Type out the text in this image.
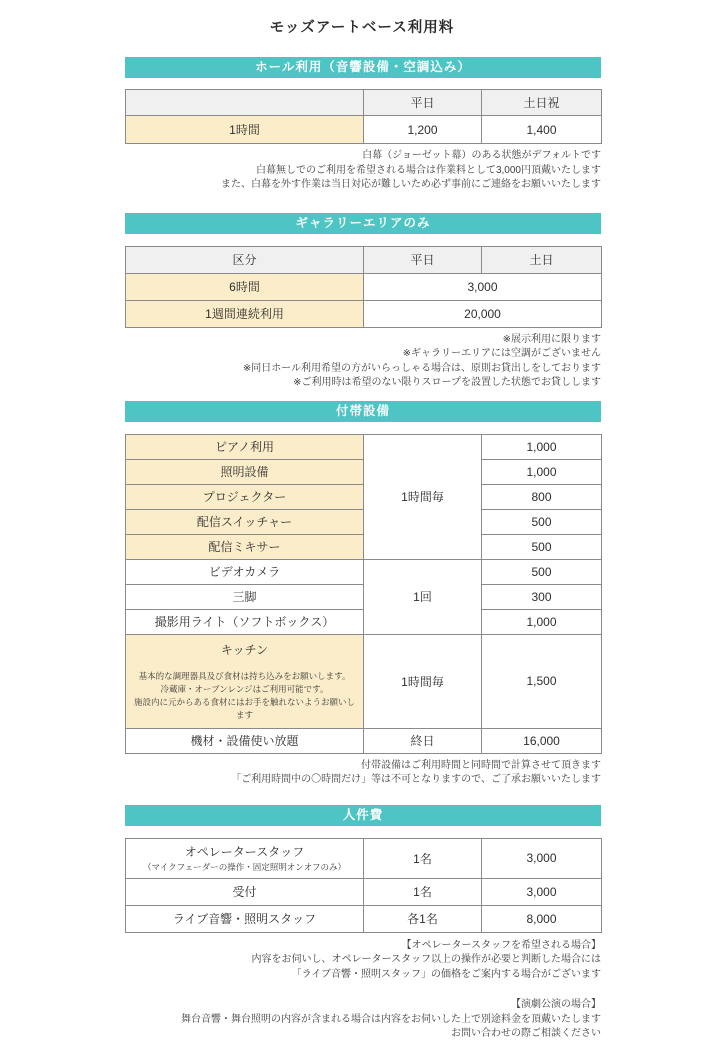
モッズアートベース利用料
ホール利用（音響設備・空調込み）
	平日	土日祝
1時間	1,200	1,400
白幕（ジョーゼット幕）のある状態がデフォルトです
白幕無しでのご利用を希望される場合は作業料として3,000円頂戴いたします
また、白幕を外す作業は当日対応が難しいため必ず事前にご連絡をお願いいたします
ギャラリーエリアのみ
区分	平日	土日
6時間	3,000	
1週間連続利用	20,000	
※展示利用に限ります
※ギャラリーエリアには空調がございません
※同日ホール利用希望の方がいらっしゃる場合は、原則お貸出しをしております
※ご利用時は希望のない限りスロープを設置した状態でお貸しします
付帯設備
ピアノ利用	1時間毎	1,000
照明設備		1,000
プロジェクター		800
配信スイッチャー		500
配信ミキサー		500
ビデオカメラ	1回	500
三脚		300
撮影用ライト（ソフトボックス）		1,000

キッチン
基本的な調理器具及び食材は持ち込みをお願いします。
冷蔵庫・オーブンレンジはご利用可能です。
施設内に元からある食材にはお手を触れないようお願いします	1時間毎	1,500
機材・設備使い放題	終日	16,000
付帯設備はご利用時間と同時間で計算させて頂きます
「ご利用時間中の〇時間だけ」等は不可となりますので、ご了承お願いいたします
人件費
オペレータースタッフ
（マイクフェーダーの操作・固定照明オンオフのみ）	1名	3,000
受付	1名	3,000
ライブ音響・照明スタッフ	各1名	8,000
【オペレータースタッフを希望される場合】
内容をお伺いし、オペレータースタッフ以上の操作が必要と判断した場合には
「ライブ音響・照明スタッフ」の価格をご案内する場合がございます
【演劇公演の場合】
舞台音響・舞台照明の内容が含まれる場合は内容をお伺いした上で別途料金を頂戴いたします
お問い合わせの際ご相談ください
